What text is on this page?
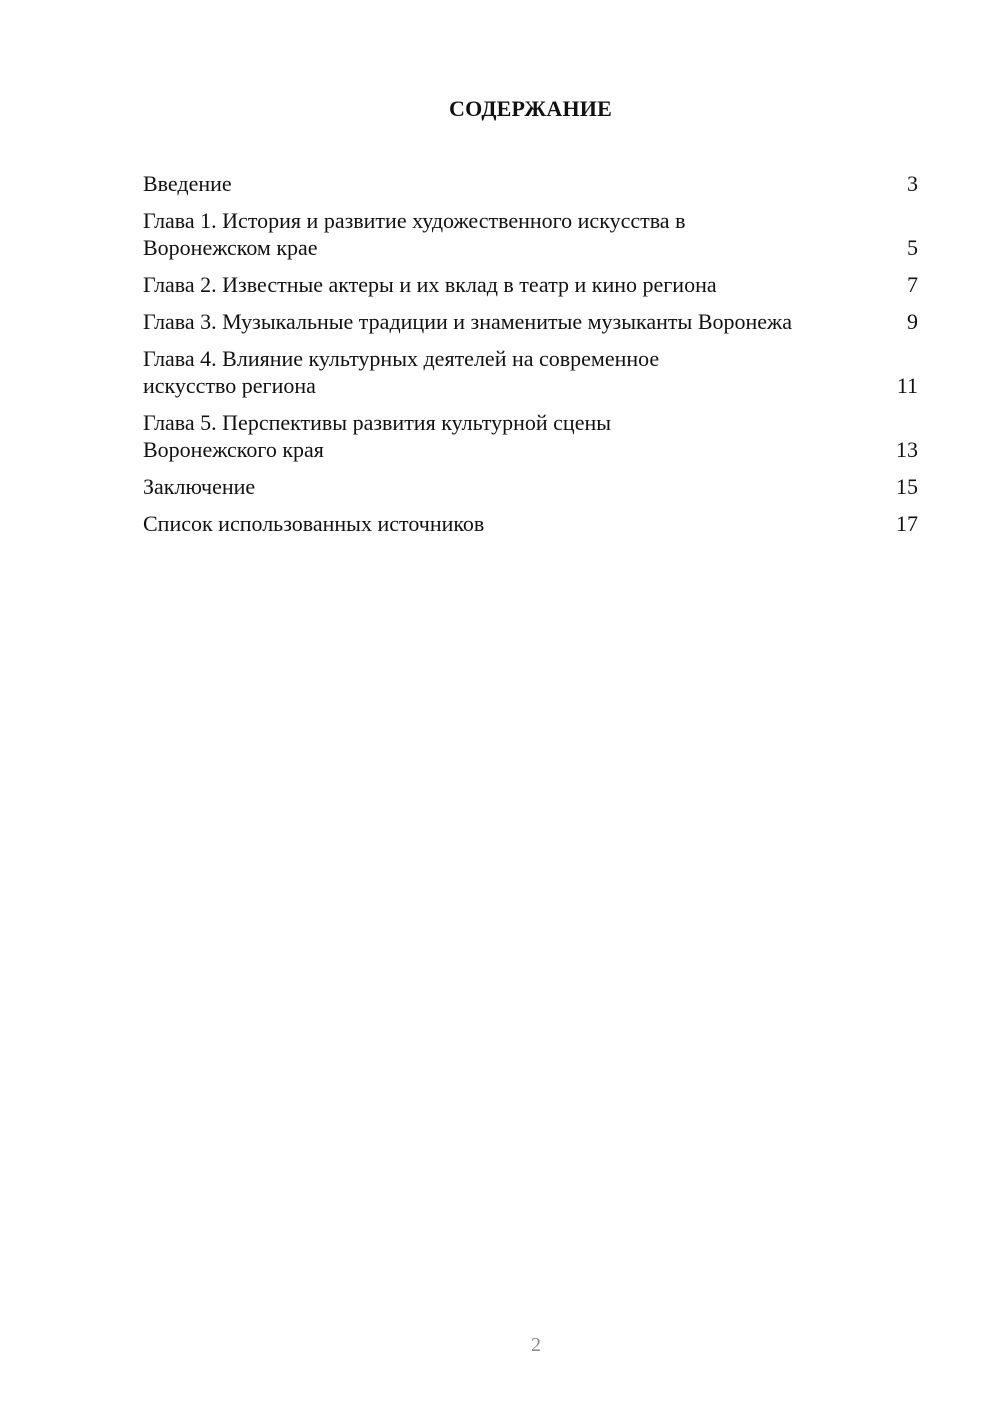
СОДЕРЖАНИЕ
Введение	3
Глава 1. История и развитие художественного искусства в Воронежском крае	5
Глава 2. Известные актеры и их вклад в театр и кино региона	7
Глава 3. Музыкальные традиции и знаменитые музыканты Воронежа	9
Глава 4. Влияние культурных деятелей на современное искусство региона	11
Глава 5. Перспективы развития культурной сцены Воронежского края	13
Заключение	15
Список использованных источников	17
2
